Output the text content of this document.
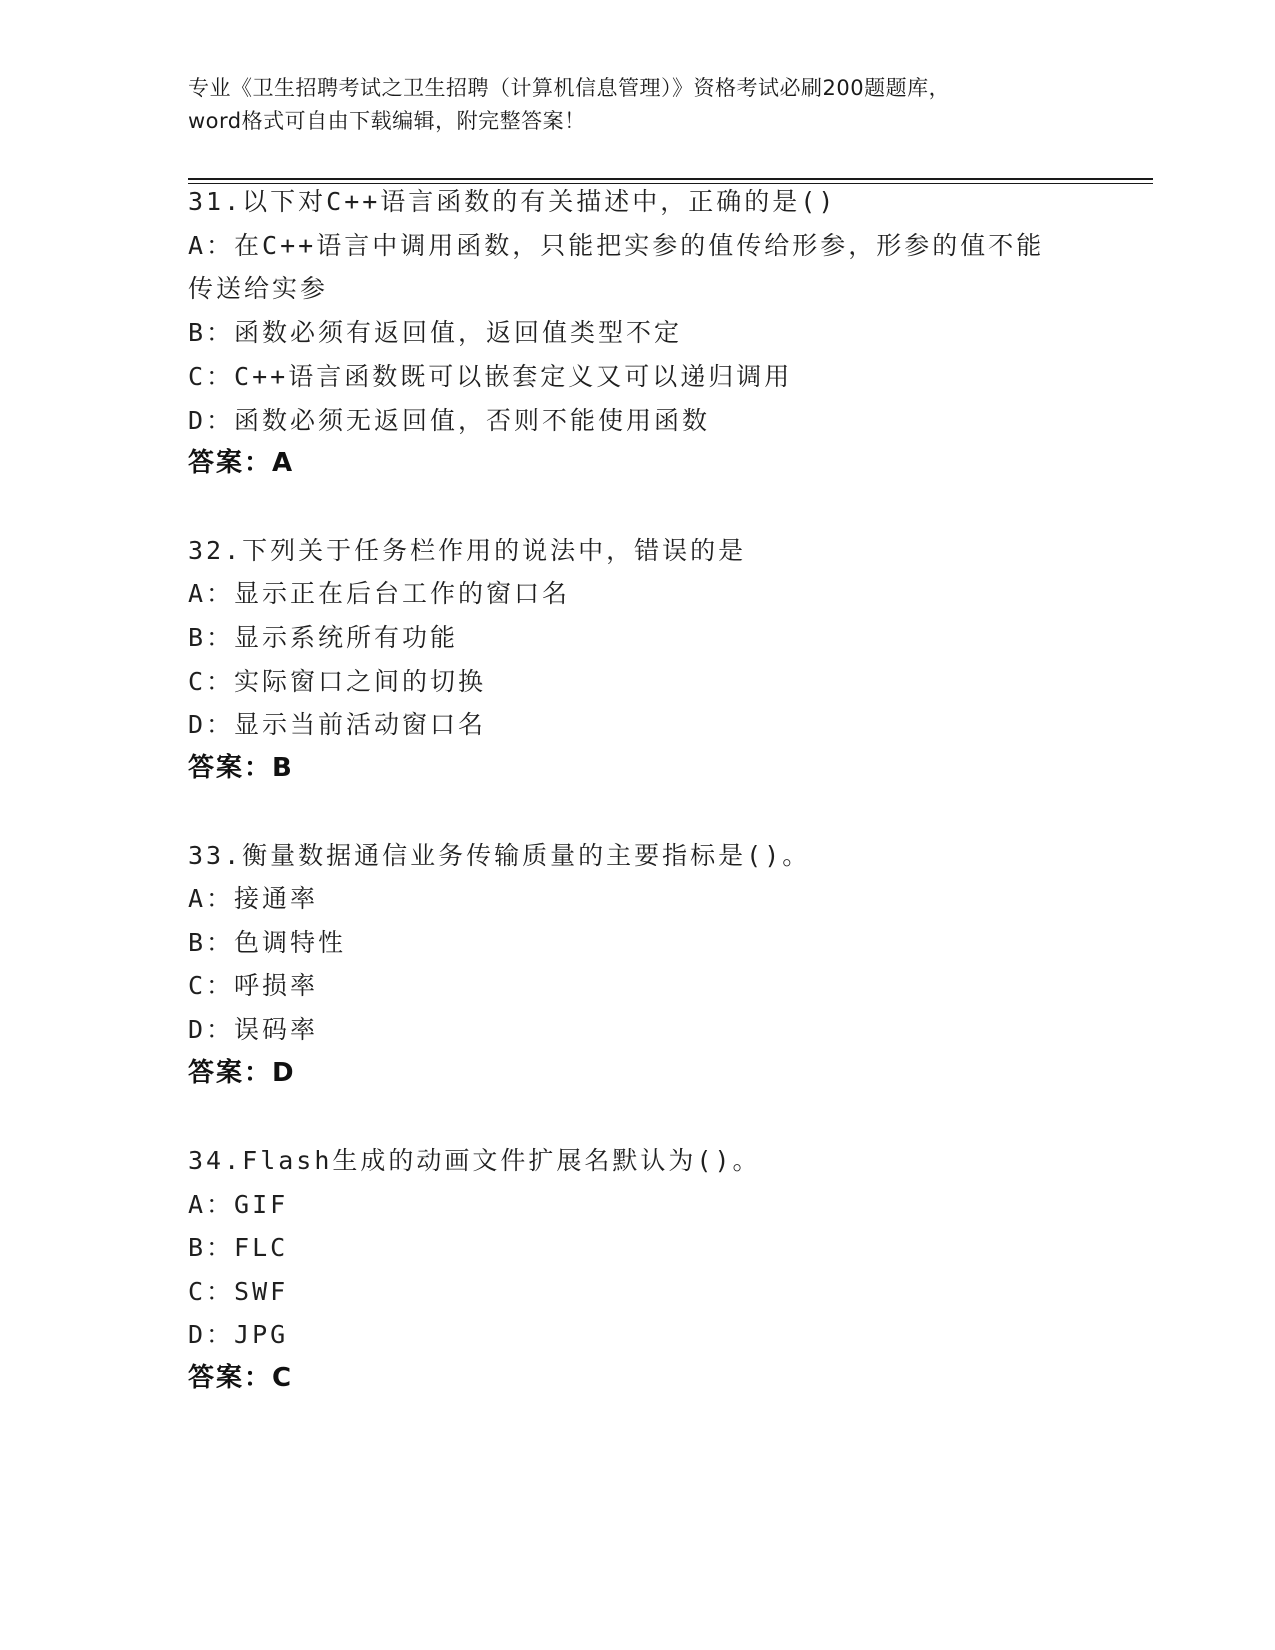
专业《卫生招聘考试之卫生招聘（计算机信息管理）》资格考试必刷200题题库，
word格式可自由下载编辑，附完整答案！
31.以下对C++语言函数的有关描述中，正确的是()
A：在C++语言中调用函数，只能把实参的值传给形参，形参的值不能
传送给实参
B：函数必须有返回值，返回值类型不定
C：C++语言函数既可以嵌套定义又可以递归调用
D：函数必须无返回值，否则不能使用函数
答案：A
32.下列关于任务栏作用的说法中，错误的是
A：显示正在后台工作的窗口名
B：显示系统所有功能
C：实际窗口之间的切换
D：显示当前活动窗口名
答案：B
33.衡量数据通信业务传输质量的主要指标是()。
A：接通率
B：色调特性
C：呼损率
D：误码率
答案：D
34.Flash生成的动画文件扩展名默认为()。
A：GIF
B：FLC
C：SWF
D：JPG
答案：C
